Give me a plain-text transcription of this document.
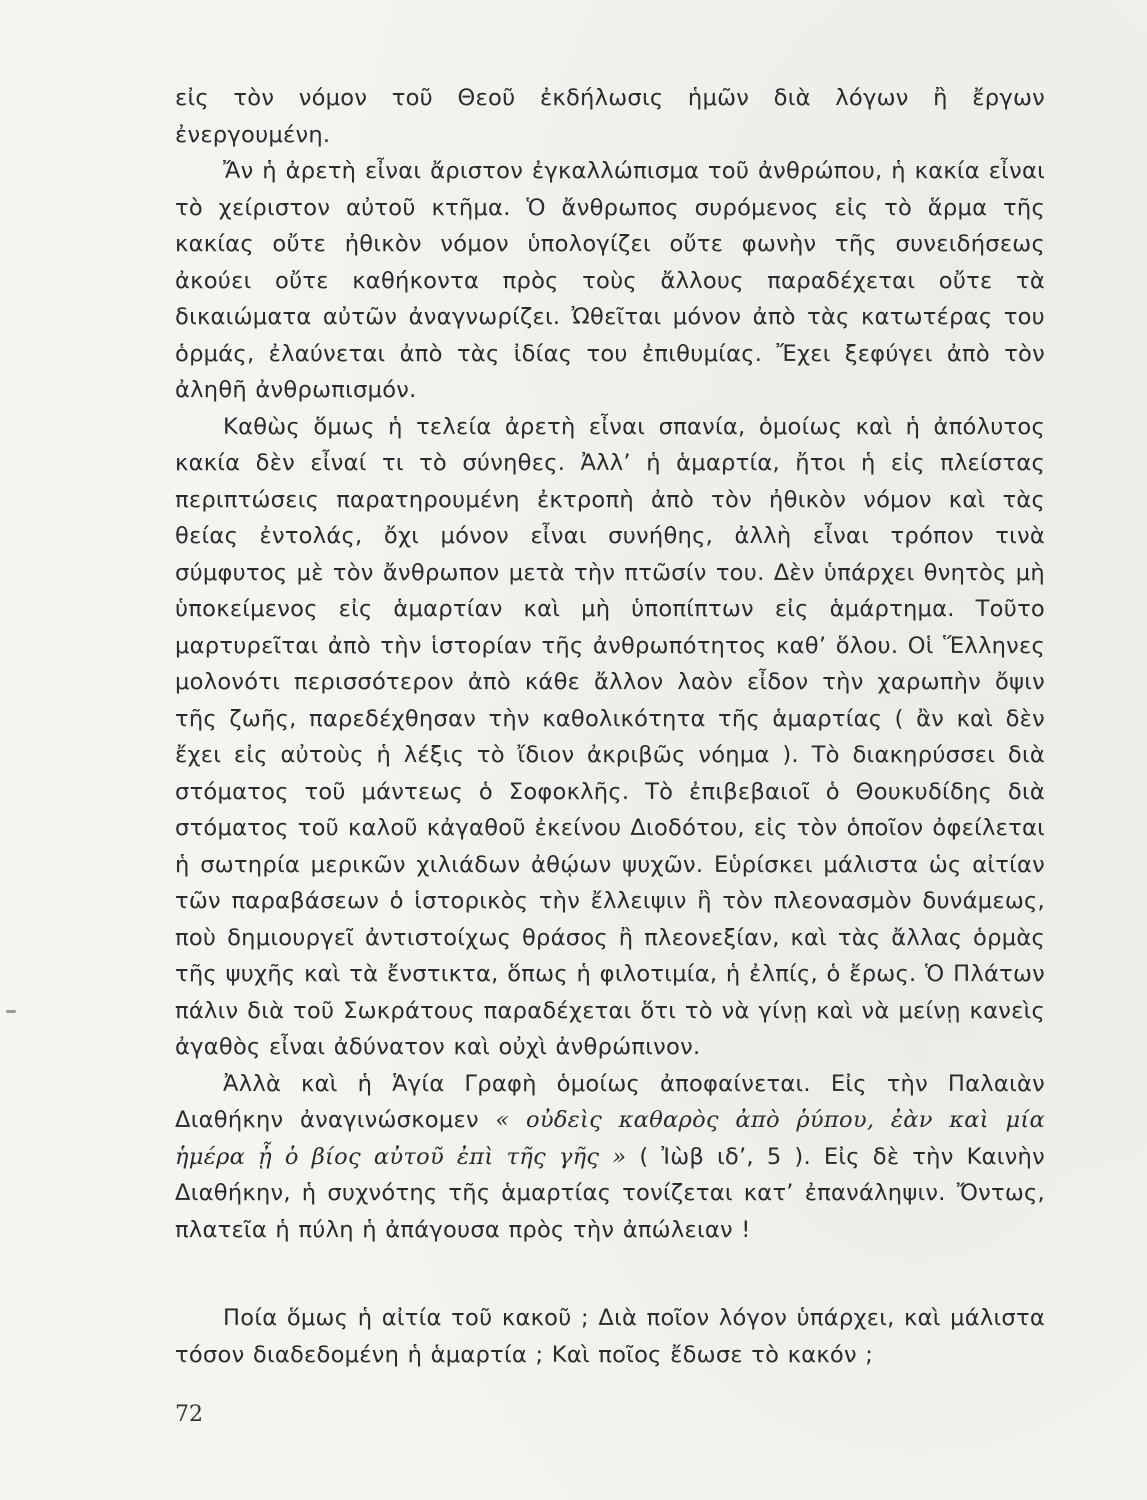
εἰς τὸν νόμον τοῦ Θεοῦ ἐκδήλωσις ἡμῶν διὰ λόγων ἢ ἔργων ἐνεργουμένη.

Ἄν ἡ ἀρετὴ εἶναι ἄριστον ἐγκαλλώπισμα τοῦ ἀνθρώπου, ἡ κακία εἶναι τὸ χείριστον αὐτοῦ κτῆμα. Ὁ ἄνθρωπος συρόμενος εἰς τὸ ἅρμα τῆς κακίας οὔτε ἠθικὸν νόμον ὑπολογίζει οὔτε φωνὴν τῆς συνειδήσεως ἀκούει οὔτε καθήκοντα πρὸς τοὺς ἄλλους παραδέχεται οὔτε τὰ δικαιώματα αὐτῶν ἀναγνωρίζει. Ὠθεῖται μόνον ἀπὸ τὰς κατωτέρας του ὁρμάς, ἐλαύνεται ἀπὸ τὰς ἰδίας του ἐπιθυμίας. Ἔχει ξεφύγει ἀπὸ τὸν ἀληθῆ ἀνθρωπισμόν.

Καθὼς ὅμως ἡ τελεία ἀρετὴ εἶναι σπανία, ὁμοίως καὶ ἡ ἀπόλυτος κακία δὲν εἶναί τι τὸ σύνηθες. Ἀλλ’ ἡ ἁμαρτία, ἤτοι ἡ εἰς πλείστας περιπτώσεις παρατηρουμένη ἐκτροπὴ ἀπὸ τὸν ἠθικὸν νόμον καὶ τὰς θείας ἐντολάς, ὄχι μόνον εἶναι συνήθης, ἀλλὴ εἶναι τρόπον τινὰ σύμφυτος μὲ τὸν ἄνθρωπον μετὰ τὴν πτῶσίν του. Δὲν ὑπάρχει θνητὸς μὴ ὑποκείμενος εἰς ἁμαρτίαν καὶ μὴ ὑποπίπτων εἰς ἁμάρτημα. Τοῦτο μαρτυρεῖται ἀπὸ τὴν ἱστορίαν τῆς ἀνθρωπότητος καθ’ ὅλου. Οἱ Ἕλληνες μολονότι περισσότερον ἀπὸ κάθε ἄλλον λαὸν εἶδον τὴν χαρωπὴν ὄψιν τῆς ζωῆς, παρεδέχθησαν τὴν καθολικότητα τῆς ἁμαρτίας ( ἂν καὶ δὲν ἔχει εἰς αὐτοὺς ἡ λέξις τὸ ἴδιον ἀκριβῶς νόημα ). Τὸ διακηρύσσει διὰ στόματος τοῦ μάντεως ὁ Σοφοκλῆς. Τὸ ἐπιβεβαιοῖ ὁ Θουκυδίδης διὰ στόματος τοῦ καλοῦ κἀγαθοῦ ἐκείνου Διοδότου, εἰς τὸν ὁποῖον ὀφείλεται ἡ σωτηρία μερικῶν χιλιάδων ἀθῴων ψυχῶν. Εὑρίσκει μάλιστα ὡς αἰτίαν τῶν παραβάσεων ὁ ἱστορικὸς τὴν ἔλλειψιν ἢ τὸν πλεονασμὸν δυνάμεως, ποὺ δημιουργεῖ ἀντιστοίχως θράσος ἢ πλεονεξίαν, καὶ τὰς ἄλλας ὁρμὰς τῆς ψυχῆς καὶ τὰ ἔνστικτα, ὅπως ἡ φιλοτιμία, ἡ ἐλπίς, ὁ ἔρως. Ὁ Πλάτων πάλιν διὰ τοῦ Σωκράτους παραδέχεται ὅτι τὸ νὰ γίνῃ καὶ νὰ μείνῃ κανεὶς ἀγαθὸς εἶναι ἀδύνατον καὶ οὐχὶ ἀνθρώπινον.

Ἀλλὰ καὶ ἡ Ἁγία Γραφὴ ὁμοίως ἀποφαίνεται. Εἰς τὴν Παλαιὰν Διαθήκην ἀναγινώσκομεν « οὐδεὶς καθαρὸς ἀπὸ ῥύπου, ἐὰν καὶ μία ἡμέρα ᾖ ὁ βίος αὐτοῦ ἐπὶ τῆς γῆς » ( Ἰὼβ ιδ’, 5 ). Εἰς δὲ τὴν Καινὴν Διαθήκην, ἡ συχνότης τῆς ἁμαρτίας τονίζεται κατ’ ἐπανάληψιν. Ὄντως, πλατεῖα ἡ πύλη ἡ ἀπάγουσα πρὸς τὴν ἀπώλειαν !

Ποία ὅμως ἡ αἰτία τοῦ κακοῦ ; Διὰ ποῖον λόγον ὑπάρχει, καὶ μάλιστα τόσον διαδεδομένη ἡ ἁμαρτία ; Καὶ ποῖος ἔδωσε τὸ κακόν ;

72
